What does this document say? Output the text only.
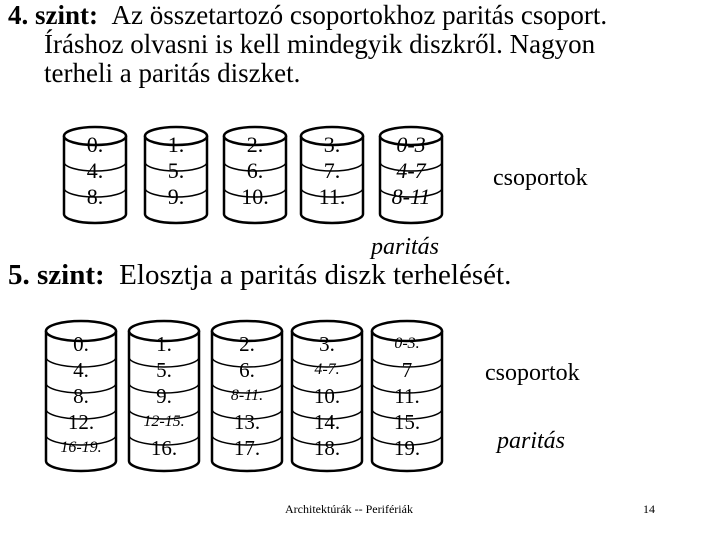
4. szint: Az összetartozó csoportokhoz paritás csoport.
Íráshoz olvasni is kell mindegyik diszkről. Nagyon
terheli a paritás diszket.
0.
4.
8.
1.
5.
9.
2.
6.
10.
3.
7.
11.
0-3
4-7
8-11
csoportok
paritás
5. szint: Elosztja a paritás diszk terhelését.
0.
4.
8.
12.
16-19.
1.
5.
9.
12-15.
16.
2.
6.
8-11.
13.
17.
3.
4-7.
10.
14.
18.
0-3.
7
11.
15.
19.
csoportok
paritás
Architektúrák -- Perifériák	14
